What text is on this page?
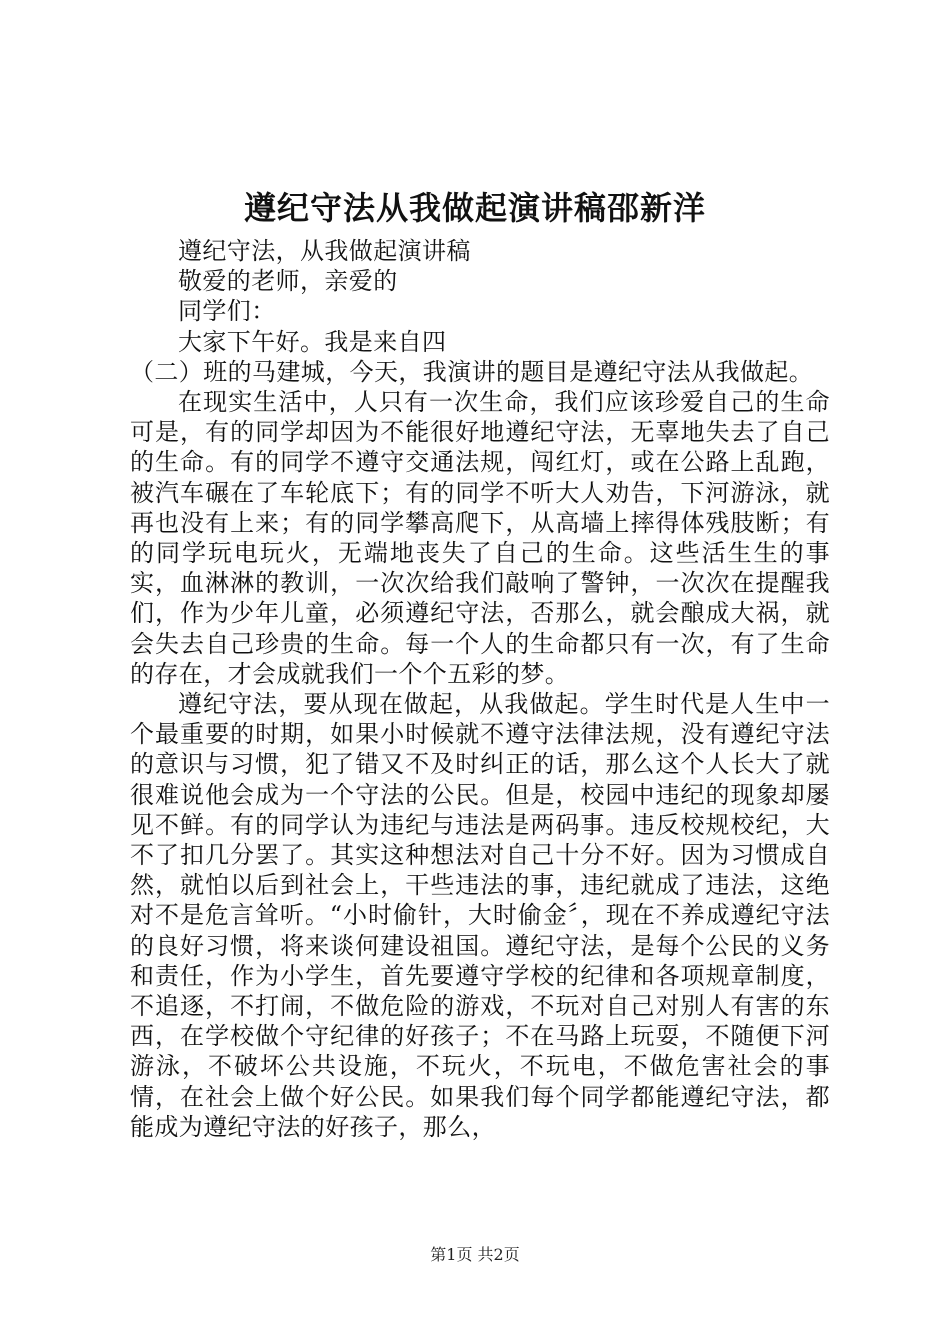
遵纪守法从我做起演讲稿邵新洋

遵纪守法，从我做起演讲稿

敬爱的老师，亲爱的

同学们：

大家下午好。我是来自四

（二）班的马建城，今天，我演讲的题目是遵纪守法从我做起。

在现实生活中，人只有一次生命，我们应该珍爱自己的生命可是，有的同学却因为不能很好地遵纪守法，无辜地失去了自己的生命。有的同学不遵守交通法规，闯红灯，或在公路上乱跑，被汽车碾在了车轮底下；有的同学不听大人劝告，下河游泳，就再也没有上来；有的同学攀高爬下，从高墙上摔得体残肢断；有的同学玩电玩火，无端地丧失了自己的生命。这些活生生的事实，血淋淋的教训，一次次给我们敲响了警钟，一次次在提醒我们，作为少年儿童，必须遵纪守法，否那么，就会酿成大祸，就会失去自己珍贵的生命。每一个人的生命都只有一次，有了生命的存在，才会成就我们一个个五彩的梦。

遵纪守法，要从现在做起，从我做起。学生时代是人生中一个最重要的时期，如果小时候就不遵守法律法规，没有遵纪守法的意识与习惯，犯了错又不及时纠正的话，那么这个人长大了就很难说他会成为一个守法的公民。但是，校园中违纪的现象却屡见不鲜。有的同学认为违纪与违法是两码事。违反校规校纪，大不了扣几分罢了。其实这种想法对自己十分不好。因为习惯成自然，就怕以后到社会上，干些违法的事，违纪就成了违法，这绝对不是危言耸听。“小时偷针，大时偷金〞，现在不养成遵纪守法的良好习惯，将来谈何建设祖国。遵纪守法，是每个公民的义务和责任，作为小学生，首先要遵守学校的纪律和各项规章制度，不追逐，不打闹，不做危险的游戏，不玩对自己对别人有害的东西，在学校做个守纪律的好孩子；不在马路上玩耍，不随便下河游泳，不破坏公共设施，不玩火，不玩电，不做危害社会的事情，在社会上做个好公民。如果我们每个同学都能遵纪守法，都能成为遵纪守法的好孩子，那么，

第1页 共2页
